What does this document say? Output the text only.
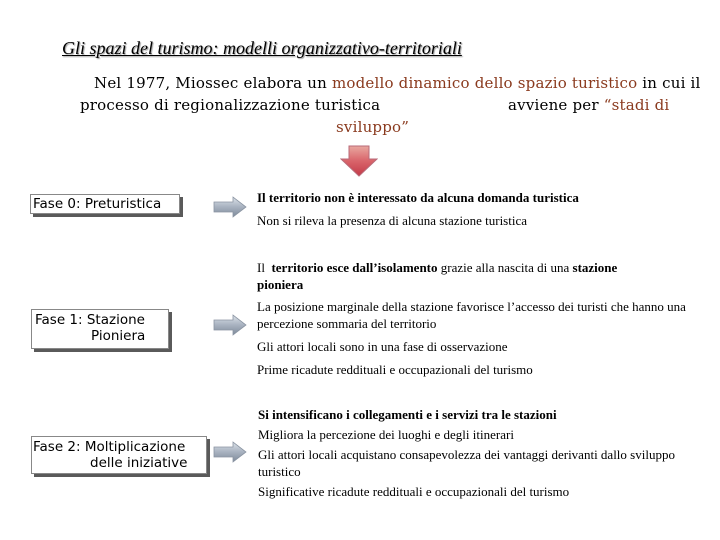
Gli spazi del turismo: modelli organizzativo-territoriali
Nel 1977, Miossec elabora un modello dinamico dello spazio turistico in cui il
processo di regionalizzazione turistica	avviene per “stadi di
sviluppo”
Fase 0: Preturistica	Il territorio non è interessato da alcuna domanda turistica

Non si rileva la presenza di alcuna stazione turistica

Fase 1: Stazione
Pioniera

Il territorio esce dall’isolamento grazie alla nascita di una stazione
pioniera

La posizione marginale della stazione favorisce l’accesso dei turisti che hanno una percezione sommaria del territorio

Gli attori locali sono in una fase di osservazione

Prime ricadute reddituali e occupazionali del turismo

Fase 2: Moltiplicazione
delle iniziative

Si intensificano i collegamenti e i servizi tra le stazioni

Migliora la percezione dei luoghi e degli itinerari

Gli attori locali acquistano consapevolezza dei vantaggi derivanti dallo sviluppo turistico

Significative ricadute reddituali e occupazionali del turismo
